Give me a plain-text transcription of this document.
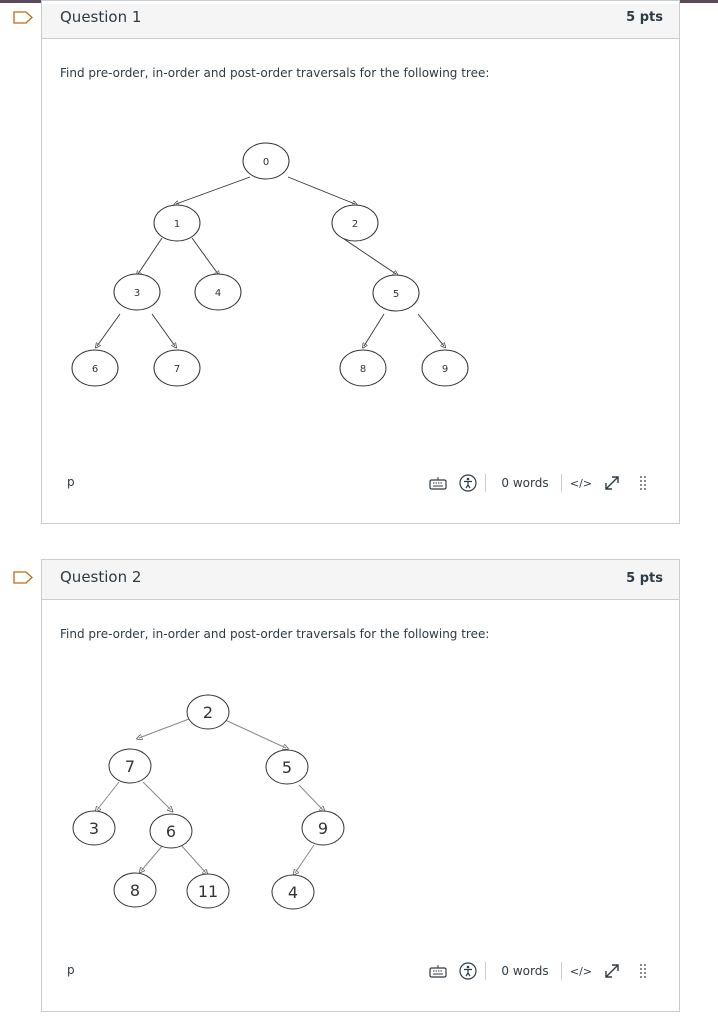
Question 1	5 pts
Find pre-order, in-order and post-order traversals for the following tree:
0
1	2
3	4	5
6	7	8	9
p	0 words	</>
Question 2	5 pts
Find pre-order, in-order and post-order traversals for the following tree:
2
7	5
3	6	9
8	11	4
p	0 words	</>
